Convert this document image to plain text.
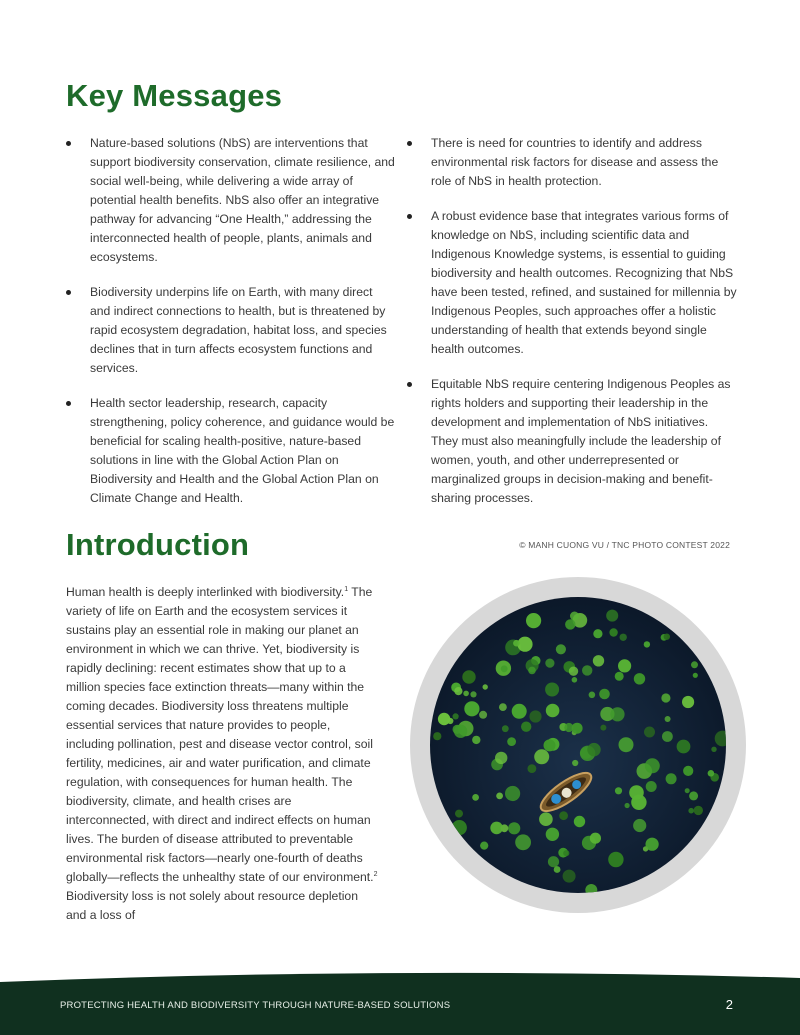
Key Messages
Nature-based solutions (NbS) are interventions that support biodiversity conservation, climate resilience, and social well-being, while delivering a wide array of potential health benefits. NbS also offer an integrative pathway for advancing “One Health,” addressing the interconnected health of people, plants, animals and ecosystems.
Biodiversity underpins life on Earth, with many direct and indirect connections to health, but is threatened by rapid ecosystem degradation, habitat loss, and species declines that in turn affects ecosystem functions and services.
Health sector leadership, research, capacity strengthening, policy coherence, and guidance would be beneficial for scaling health-positive, nature-based solutions in line with the Global Action Plan on Biodiversity and Health and the Global Action Plan on Climate Change and Health.
There is need for countries to identify and address environmental risk factors for disease and assess the role of NbS in health protection.
A robust evidence base that integrates various forms of knowledge on NbS, including scientific data and Indigenous Knowledge systems, is essential to guiding biodiversity and health outcomes. Recognizing that NbS have been tested, refined, and sustained for millennia by Indigenous Peoples, such approaches offer a holistic understanding of health that extends beyond single health outcomes.
Equitable NbS require centering Indigenous Peoples as rights holders and supporting their leadership in the development and implementation of NbS initiatives. They must also meaningfully include the leadership of women, youth, and other underrepresented or marginalized groups in decision-making and benefit-sharing processes.
Introduction	© MANH CUONG VU / TNC PHOTO CONTEST 2022

Human health is deeply interlinked with biodiversity.$^1$ The variety of life on Earth and the ecosystem services it sustains play an essential role in making our planet an environment in which we can thrive. Yet, biodiversity is rapidly declining: recent estimates show that up to a million species face extinction threats—many within the coming decades. Biodiversity loss threatens multiple essential services that nature provides to people, including pollination, pest and disease vector control, soil fertility, medicines, air and water purification, and climate regulation, with consequences for human health. The biodiversity, climate, and health crises are interconnected, with direct and indirect effects on human lives. The burden of disease attributed to preventable environmental risk factors—nearly one-fourth of deaths globally—reflects the unhealthy state of our environment.$^2$ Biodiversity loss is not solely about resource depletion and a loss of

PROTECTING HEALTH AND BIODIVERSITY THROUGH NATURE-BASED SOLUTIONS	2
